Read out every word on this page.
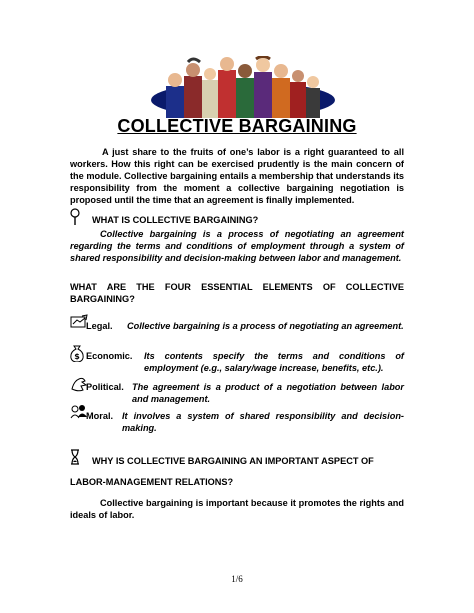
COLLECTIVE BARGAINING

A just share to the fruits of one’s labor is a right guaranteed to all workers. How this right can be exercised prudently is the main concern of the module. Collective bargaining entails a membership that understands its responsibility from the moment a collective bargaining negotiation is proposed until the time that an agreement is finally implemented.

WHAT IS COLLECTIVE BARGAINING?

Collective bargaining is a process of negotiating an agreement regarding the terms and conditions of employment through a system of shared responsibility and decision-making between labor and management.

WHAT ARE THE FOUR ESSENTIAL ELEMENTS OF COLLECTIVE BARGAINING?
Legal. Collective bargaining is a process of negotiating an agreement.
$ Economic. Its contents specify the terms and conditions of employment (e.g., salary/wage increase, benefits, etc.).
Political. The agreement is a product of a negotiation between labor and management.
Moral. It involves a system of shared responsibility and decision-making.
WHY IS COLLECTIVE BARGAINING AN IMPORTANT ASPECT OF
LABOR-MANAGEMENT RELATIONS?

Collective bargaining is important because it promotes the rights and ideals of labor.

1/6
